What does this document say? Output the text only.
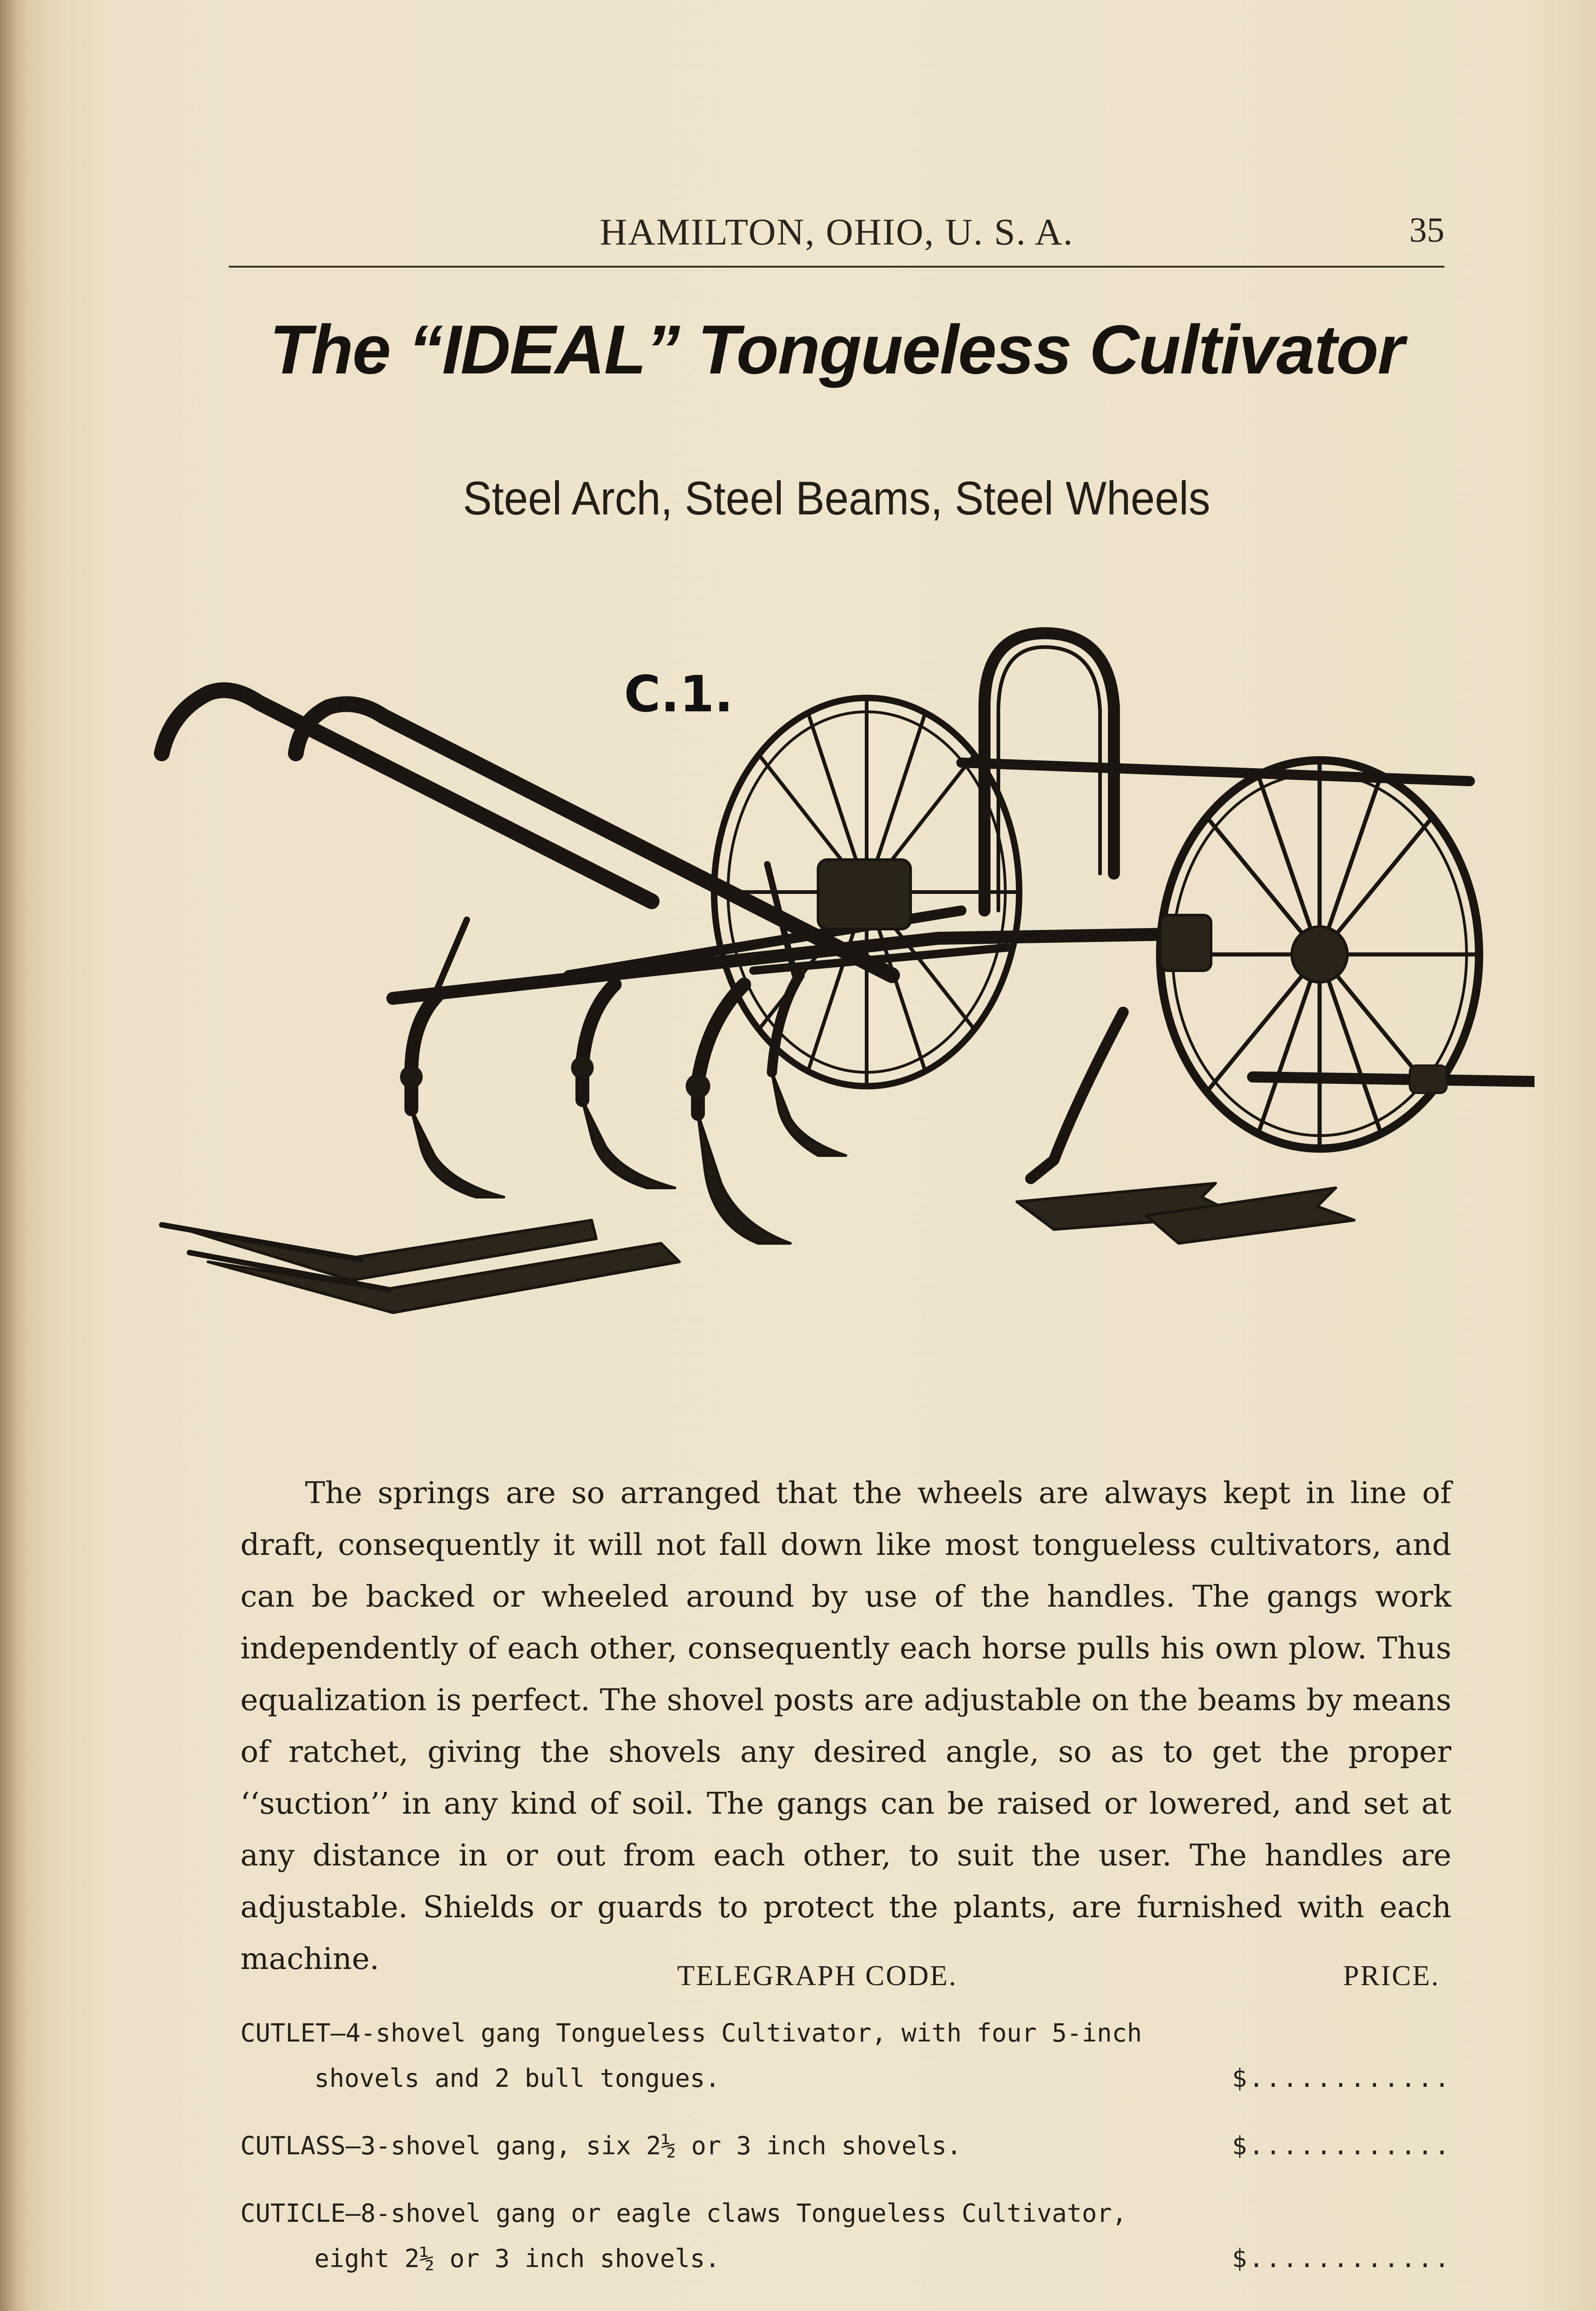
HAMILTON, OHIO, U. S. A.	35
The “IDEAL” Tongueless Cultivator
Steel Arch, Steel Beams, Steel Wheels
C.1.

The springs are so arranged that the wheels are always kept in line of draft, consequently it will not fall down like most tongueless cultivators, and can be backed or wheeled around by use of the handles. The gangs work independently of each other, consequently each horse pulls his own plow. Thus equalization is perfect. The shovel posts are adjustable on the beams by means of ratchet, giving the shovels any desired angle, so as to get the proper ‘‘suction’’ in any kind of soil. The gangs can be raised or lowered, and set at any distance in or out from each other, to suit the user. The handles are adjustable. Shields or guards to protect the plants, are furnished with each machine.	TELEGRAPH CODE.	PRICE.
CUTLET—4-shovel gang Tongueless Cultivator, with four 5-inch
shovels and 2 bull tongues.	$............
CUTLASS—3-shovel gang, six 2½ or 3 inch shovels.	$............
CUTICLE—8-shovel gang or eagle claws Tongueless Cultivator,
eight 2½ or 3 inch shovels.	$............
